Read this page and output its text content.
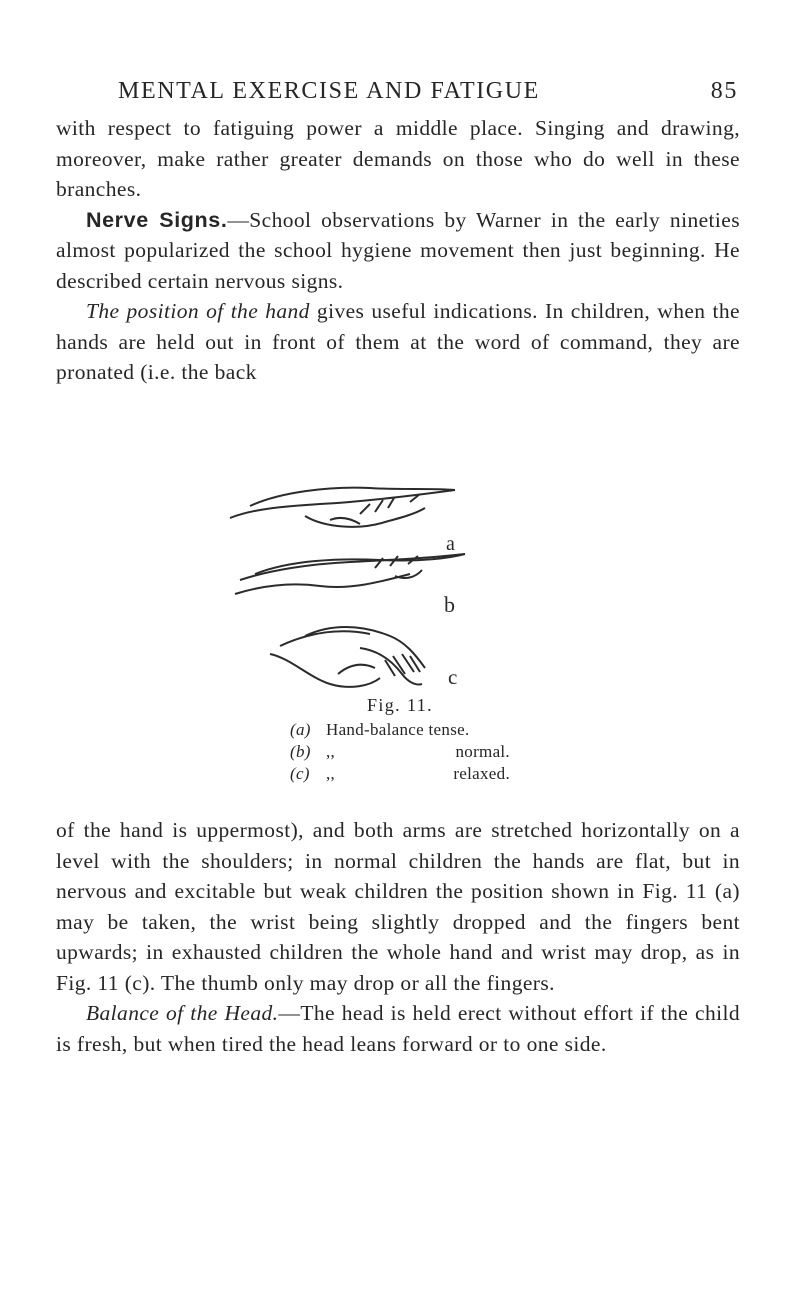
MENTAL EXERCISE AND FATIGUE	85

with respect to fatiguing power a middle place. Singing and drawing, moreover, make rather greater demands on those who do well in these branches.

Nerve Signs.—School observations by Warner in the early nineties almost popularized the school hygiene movement then just beginning. He described certain nervous signs.

The position of the hand gives useful indications. In children, when the hands are held out in front of them at the word of command, they are pronated (i.e. the back

a
b
c
Fig. 11.
(a) Hand-balance tense.
(b) ,,	normal.
(c) ,,	relaxed.

of the hand is uppermost), and both arms are stretched horizontally on a level with the shoulders; in normal children the hands are flat, but in nervous and excitable but weak children the position shown in Fig. 11 (a) may be taken, the wrist being slightly dropped and the fingers bent upwards; in exhausted children the whole hand and wrist may drop, as in Fig. 11 (c). The thumb only may drop or all the fingers.

Balance of the Head.—The head is held erect without effort if the child is fresh, but when tired the head leans forward or to one side.
